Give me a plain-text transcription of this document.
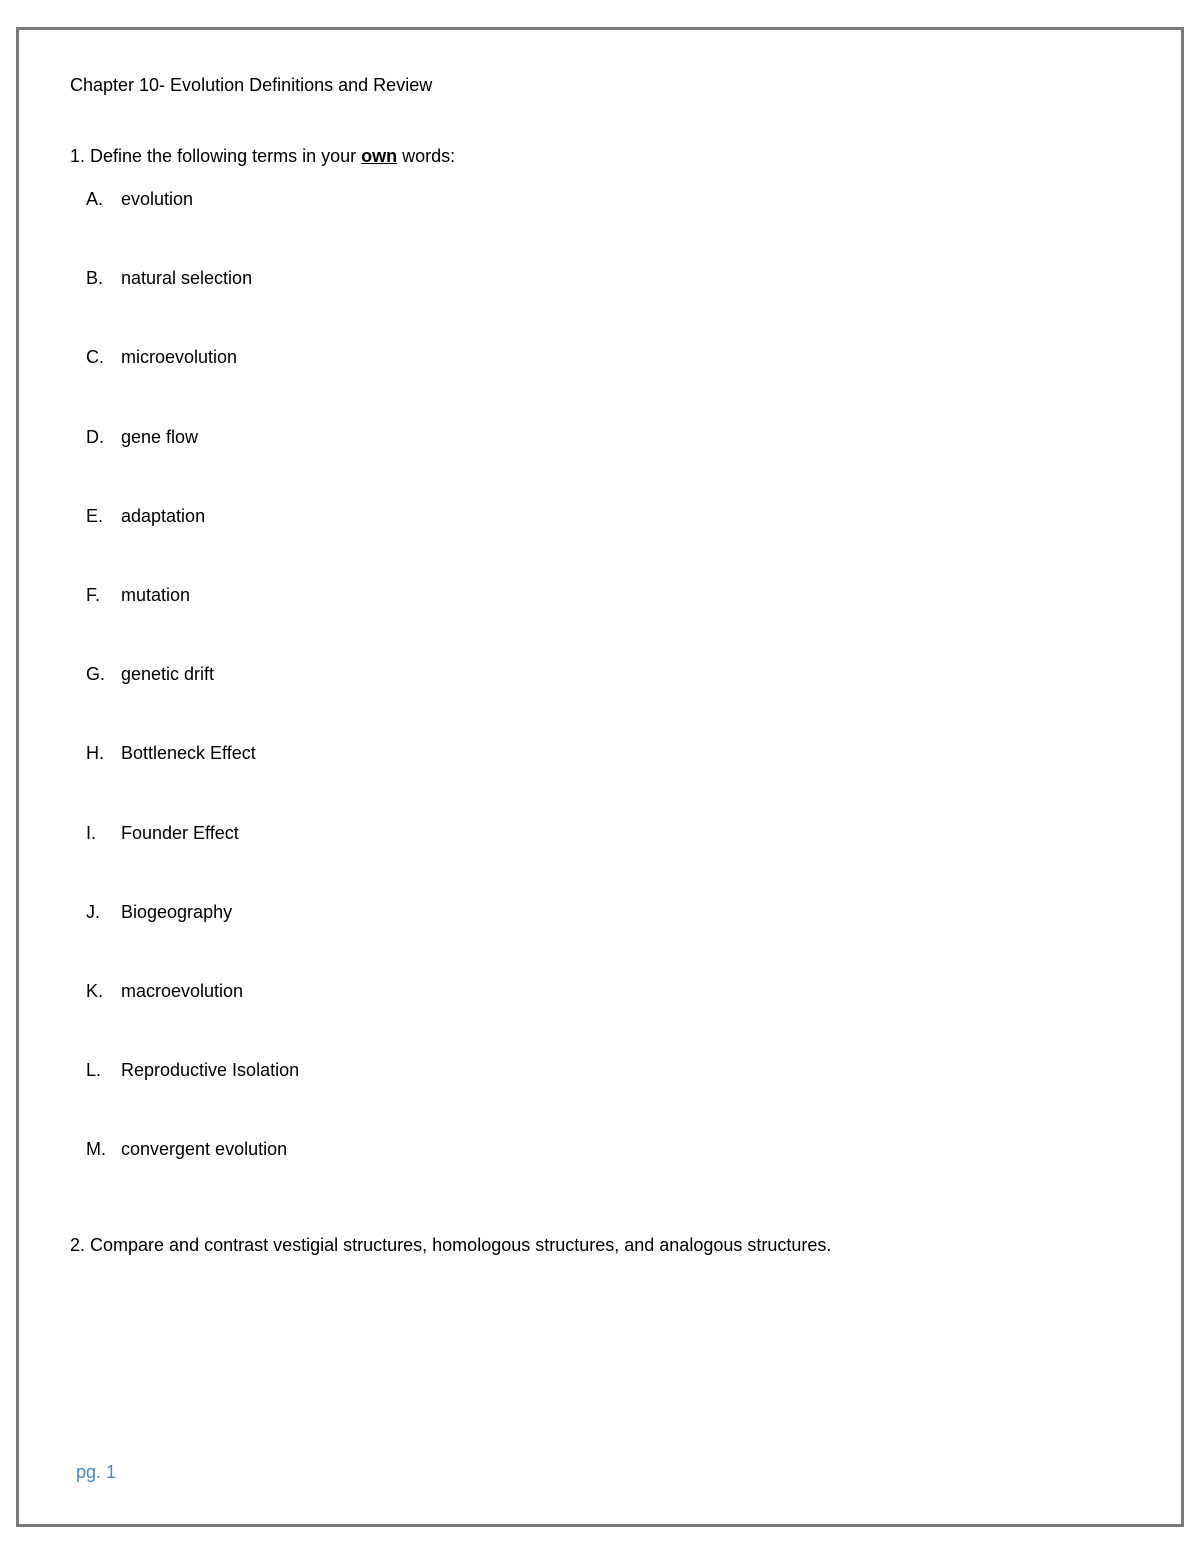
Chapter 10- Evolution Definitions and Review
1. Define the following terms in your own words:
A. evolution
B. natural selection
C. microevolution
D. gene flow
E. adaptation
F.	mutation
G. genetic drift
H. Bottleneck Effect
I.	Founder Effect
J.	Biogeography
K. macroevolution
L.	Reproductive Isolation
M. convergent evolution
2. Compare and contrast vestigial structures, homologous structures, and analogous structures.
pg. 1
